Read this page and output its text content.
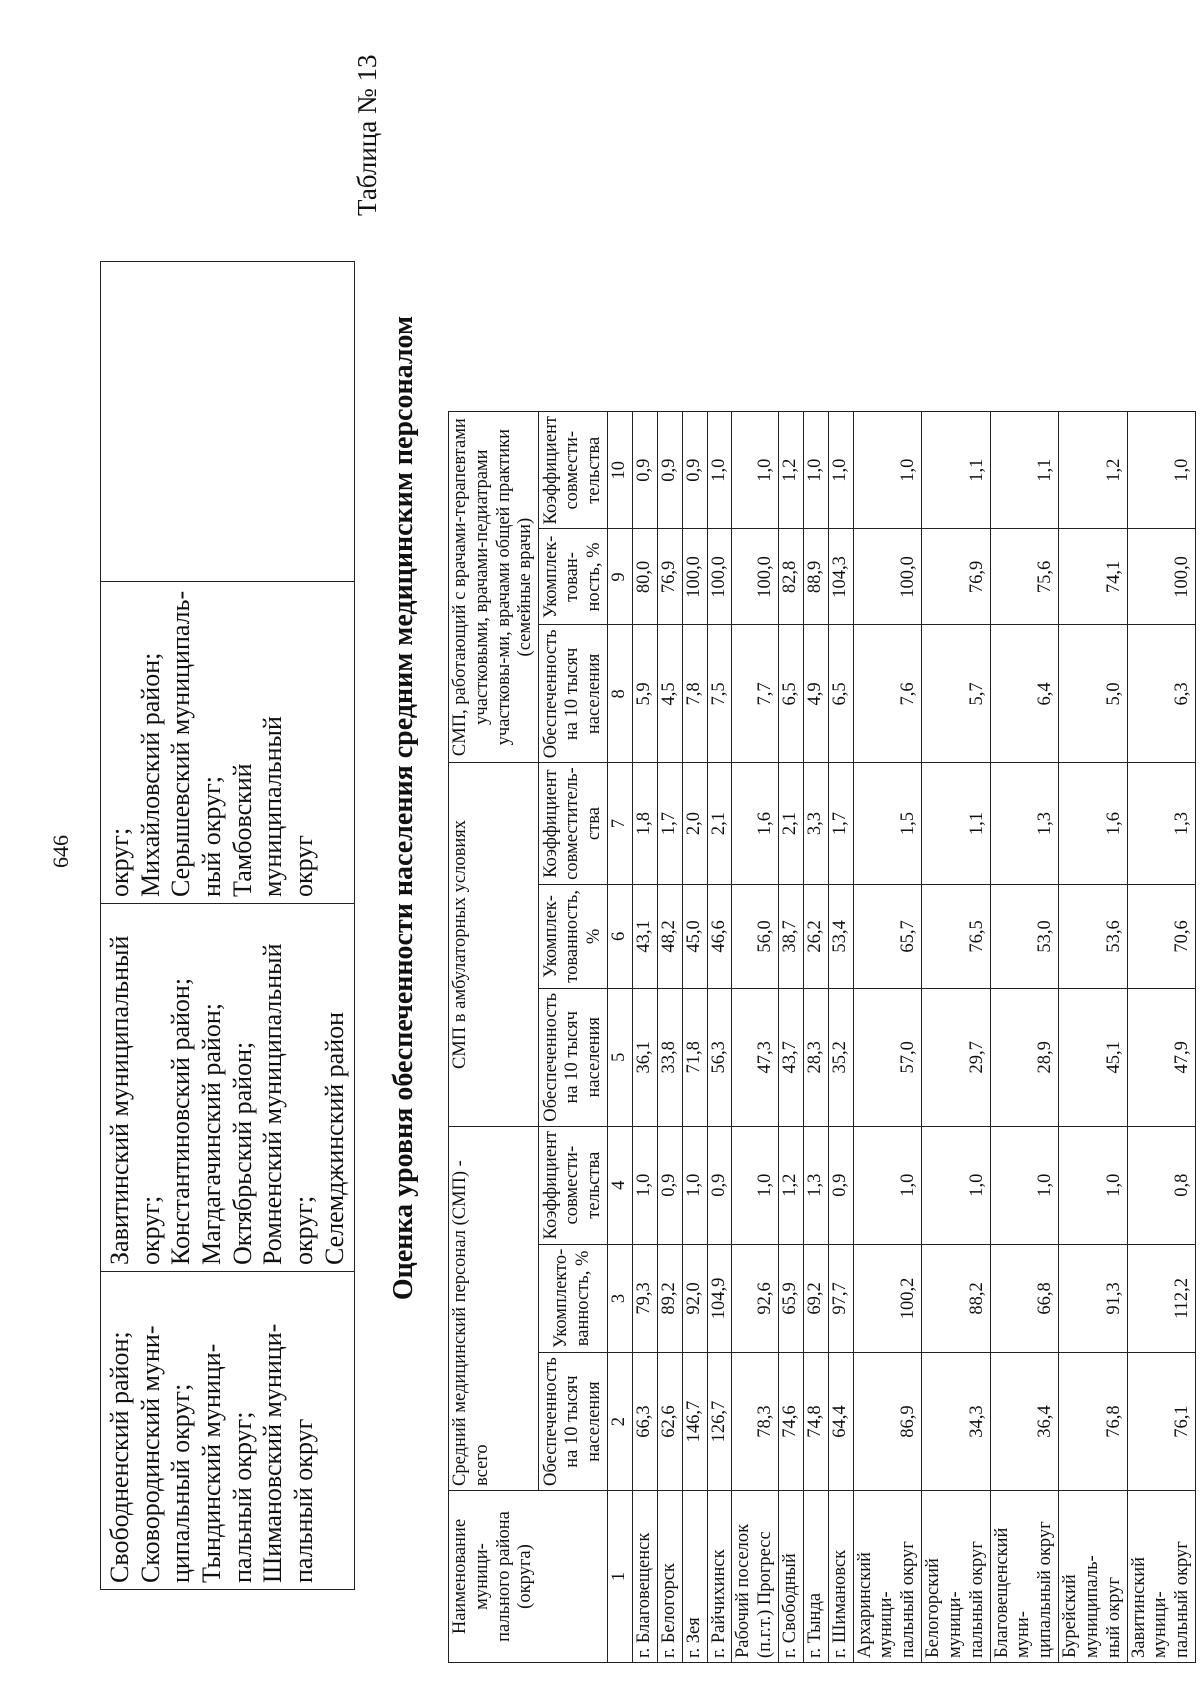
646
Свободненский район;
Сковородинский муни-
ципальный округ;
Тындинский муници-
пальный округ;
Шимановский муници-
пальный округ	Завитинский муниципальный
округ;
Константиновский район;
Магдагачинский район;
Октябрьский район;
Ромненский муниципальный
округ;
Селемджинский район	округ;
Михайловский район;
Серышевский муниципаль-
ный округ;
Тамбовский муниципальный
округ	
Таблица № 13
Оценка уровня обеспеченности населения средним медицинским персоналом
Наименование муници-
пального района (округа)	Средний медицинский персонал (СМП) - всего			СМП в амбулаторных условиях			СМП, работающий с врачами-терапевтами участковыми, врачами-педиатрами участковы-ми, врачами общей практики (семейные врачи)		
	Обеспеченность на 10 тысяч населения	Укомплекто-ванность, %	Коэффициент совмести-тельства	Обеспеченность на 10 тысяч населения	Укомплек-тованность, %	Коэффициент совместитель-ства	Обеспеченность на 10 тысяч населения	Укомплек-тован-ность, %	Коэффициент совмести-тельства
1	2	3	4	5	6	7	8	9	10
г. Благовещенск	66,3	79,3	1,0	36,1	43,1	1,8	5,9	80,0	0,9
г. Белогорск	62,6	89,2	0,9	33,8	48,2	1,7	4,5	76,9	0,9
г. Зея	146,7	92,0	1,0	71,8	45,0	2,0	7,8	100,0	0,9
г. Райчихинск	126,7	104,9	0,9	56,3	46,6	2,1	7,5	100,0	1,0
Рабочий поселок
(п.г.т.) Прогресс	78,3	92,6	1,0	47,3	56,0	1,6	7,7	100,0	1,0
г. Свободный	74,6	65,9	1,2	43,7	38,7	2,1	6,5	82,8	1,2
г. Тында	74,8	69,2	1,3	28,3	26,2	3,3	4,9	88,9	1,0
г. Шимановск	64,4	97,7	0,9	35,2	53,4	1,7	6,5	104,3	1,0
Архаринский муници-
пальный округ	86,9	100,2	1,0	57,0	65,7	1,5	7,6	100,0	1,0
Белогорский муници-
пальный округ	34,3	88,2	1,0	29,7	76,5	1,1	5,7	76,9	1,1
Благовещенский муни-
ципальный округ	36,4	66,8	1,0	28,9	53,0	1,3	6,4	75,6	1,1
Бурейский муниципаль-
ный округ	76,8	91,3	1,0	45,1	53,6	1,6	5,0	74,1	1,2
Завитинский муници-
пальный округ	76,1	112,2	0,8	47,9	70,6	1,3	6,3	100,0	1,0
